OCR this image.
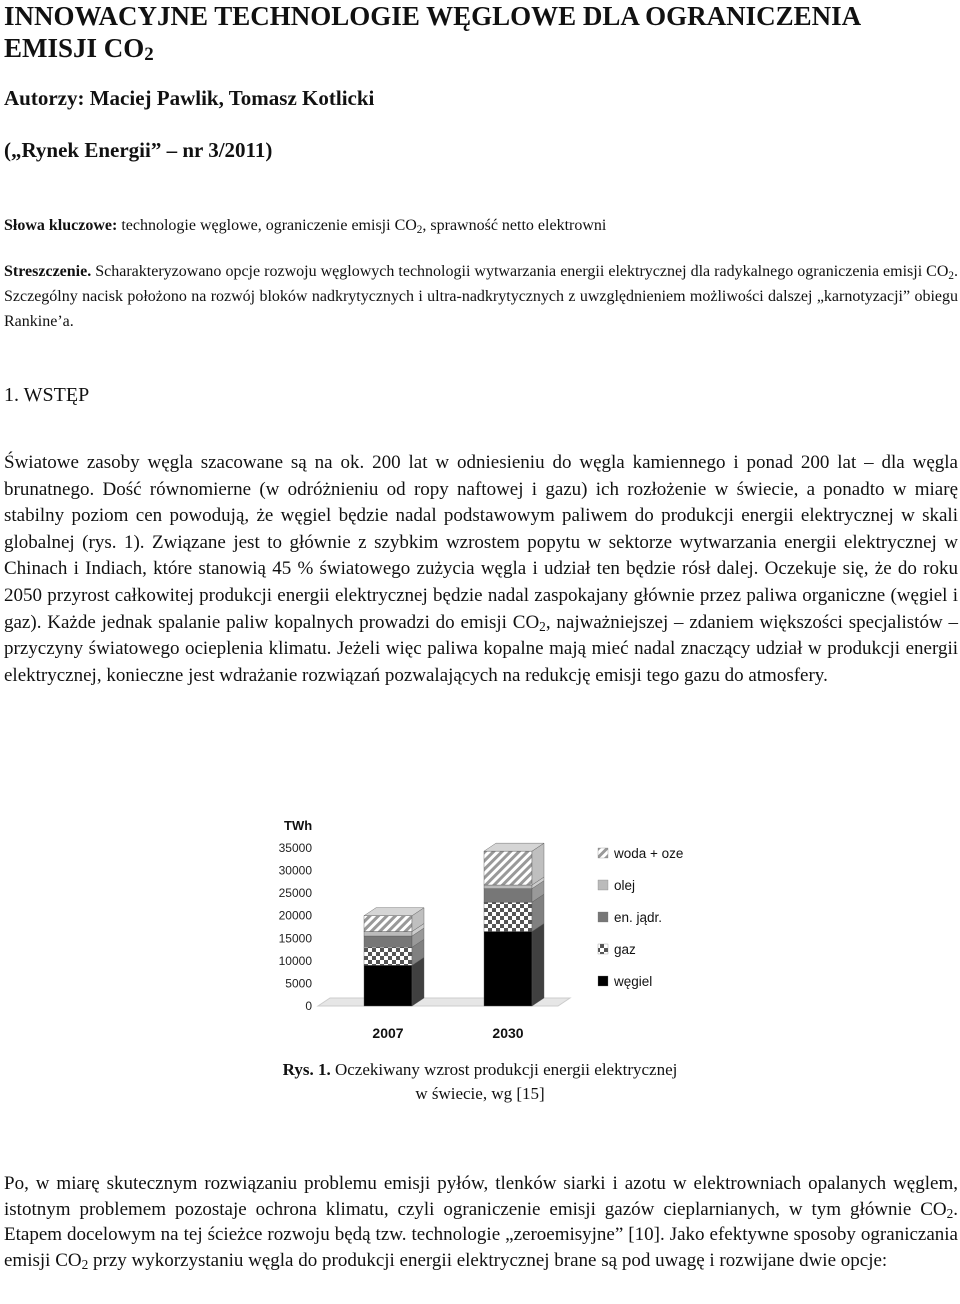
INNOWACYJNE TECHNOLOGIE WĘGLOWE DLA OGRANICZENIA EMISJI $CO_2$

Autorzy: Maciej Pawlik, Tomasz Kotlicki

(„Rynek Energii” – nr 3/2011)

Słowa kluczowe: technologie węglowe, ograniczenie emisji $CO_2$, sprawność netto elektrowni

Streszczenie. Scharakteryzowano opcje rozwoju węglowych technologii wytwarzania energii elektrycznej dla radykalnego ograniczenia emisji $CO_2$. Szczególny nacisk położono na rozwój bloków nadkrytycznych i ultra-nadkrytycznych z uwzględnieniem możliwości dalszej „karnotyzacji” obiegu Rankine’a.

1. WSTĘP

Światowe zasoby węgla szacowane są na ok. 200 lat w odniesieniu do węgla kamiennego i ponad 200 lat – dla węgla brunatnego. Dość równomierne (w odróżnieniu od ropy naftowej i gazu) ich rozłożenie w świecie, a ponadto w miarę stabilny poziom cen powodują, że węgiel będzie nadal podstawowym paliwem do produkcji energii elektrycznej w skali globalnej (rys. 1). Związane jest to głównie z szybkim wzrostem popytu w sektorze wytwarzania energii elektrycznej w Chinach i Indiach, które stanowią 45 % światowego zużycia węgla i udział ten będzie rósł dalej. Oczekuje się, że do roku 2050 przyrost całkowitej produkcji energii elektrycznej będzie nadal zaspokajany głównie przez paliwa organiczne (węgiel i gaz). Każde jednak spalanie paliw kopalnych prowadzi do emisji $CO_2$, najważniejszej – zdaniem większości specjalistów – przyczyny światowego ocieplenia klimatu. Jeżeli więc paliwa kopalne mają mieć nadal znaczący udział w produkcji energii elektrycznej, konieczne jest wdrażanie rozwiązań pozwalających na redukcję emisji tego gazu do atmosfery.

TWh
0
5000
10000
15000
20000
25000
30000
35000
2007	2030
woda + oze
olej
en. jądr.
gaz
węgiel

Rys. 1. Oczekiwany wzrost produkcji energii elektrycznej w świecie, wg [15]

Po, w miarę skutecznym rozwiązaniu problemu emisji pyłów, tlenków siarki i azotu w elektrowniach opalanych węglem, istotnym problemem pozostaje ochrona klimatu, czyli ograniczenie emisji gazów cieplarnianych, w tym głównie $CO_2$. Etapem docelowym na tej ścieżce rozwoju będą tzw. technologie „zeroemisyjne” [10]. Jako efektywne sposoby ograniczania emisji $CO_2$ przy wykorzystaniu węgla do produkcji energii elektrycznej brane są pod uwagę i rozwijane dwie opcje:
